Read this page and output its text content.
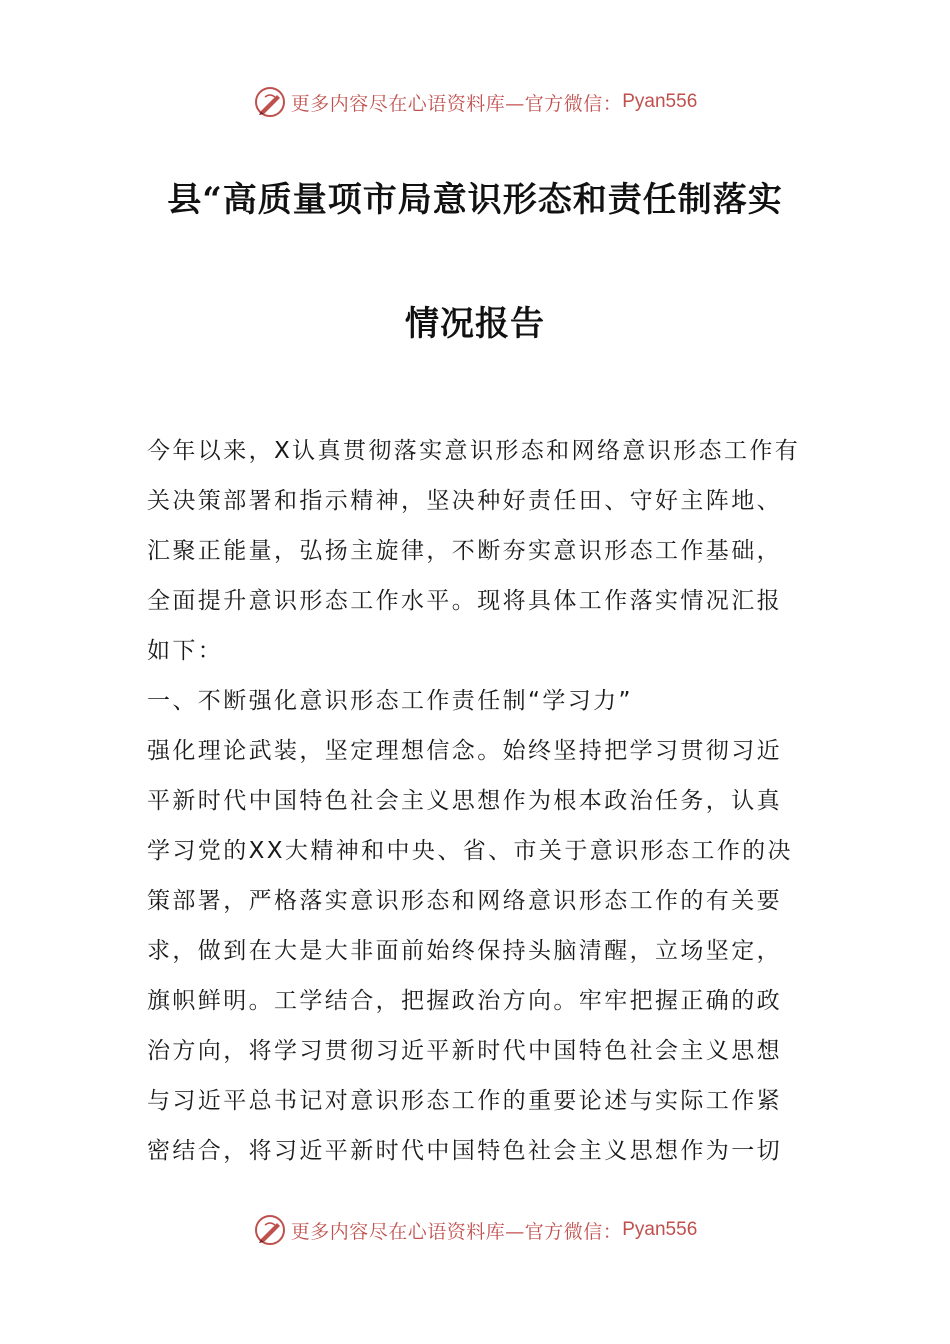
更多内容尽在心语资料库—官方微信： Pyan556
县“高质量项市局意识形态和责任制落实
情况报告
今年以来，X认真贯彻落实意识形态和网络意识形态工作有
关决策部署和指示精神，坚决种好责任田、守好主阵地、
汇聚正能量，弘扬主旋律，不断夯实意识形态工作基础，
全面提升意识形态工作水平。现将具体工作落实情况汇报
如下：
一、不断强化意识形态工作责任制“学习力”
强化理论武装，坚定理想信念。始终坚持把学习贯彻习近
平新时代中国特色社会主义思想作为根本政治任务，认真
学习党的XX大精神和中央、省、市关于意识形态工作的决
策部署，严格落实意识形态和网络意识形态工作的有关要
求，做到在大是大非面前始终保持头脑清醒，立场坚定，
旗帜鲜明。工学结合，把握政治方向。牢牢把握正确的政
治方向，将学习贯彻习近平新时代中国特色社会主义思想
与习近平总书记对意识形态工作的重要论述与实际工作紧
密结合，将习近平新时代中国特色社会主义思想作为一切
更多内容尽在心语资料库—官方微信： Pyan556
